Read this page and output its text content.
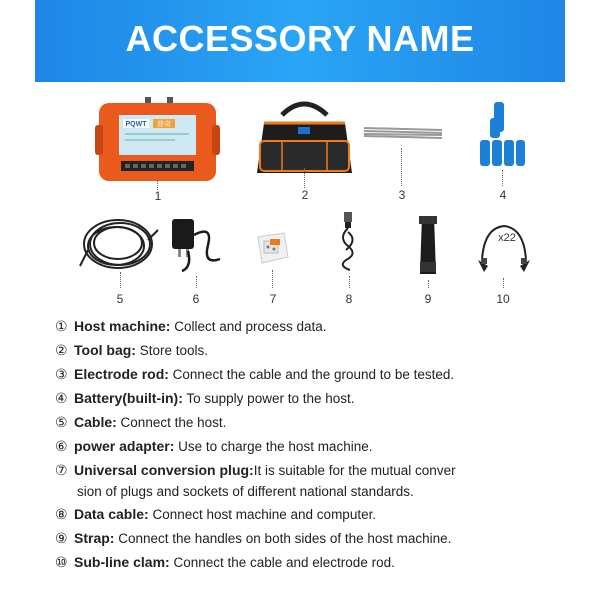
ACCESSORY NAME
PQWT 普奇
1	2	3	4
5	6	7	8	9
x22
10
① Host machine: Collect and process data.
② Tool bag: Store tools.
③ Electrode rod: Connect the cable and the ground to be tested.
④ Battery(built-in): To supply power to the host.
⑤ Cable: Connect the host.
⑥ power adapter: Use to charge the host machine.
⑦ Universal conversion plug:It is suitable for the mutual conver
sion of plugs and sockets of different national standards.
⑧ Data cable: Connect host machine and computer.
⑨ Strap: Connect the handles on both sides of the host machine.
⑩ Sub-line clam: Connect the cable and electrode rod.
